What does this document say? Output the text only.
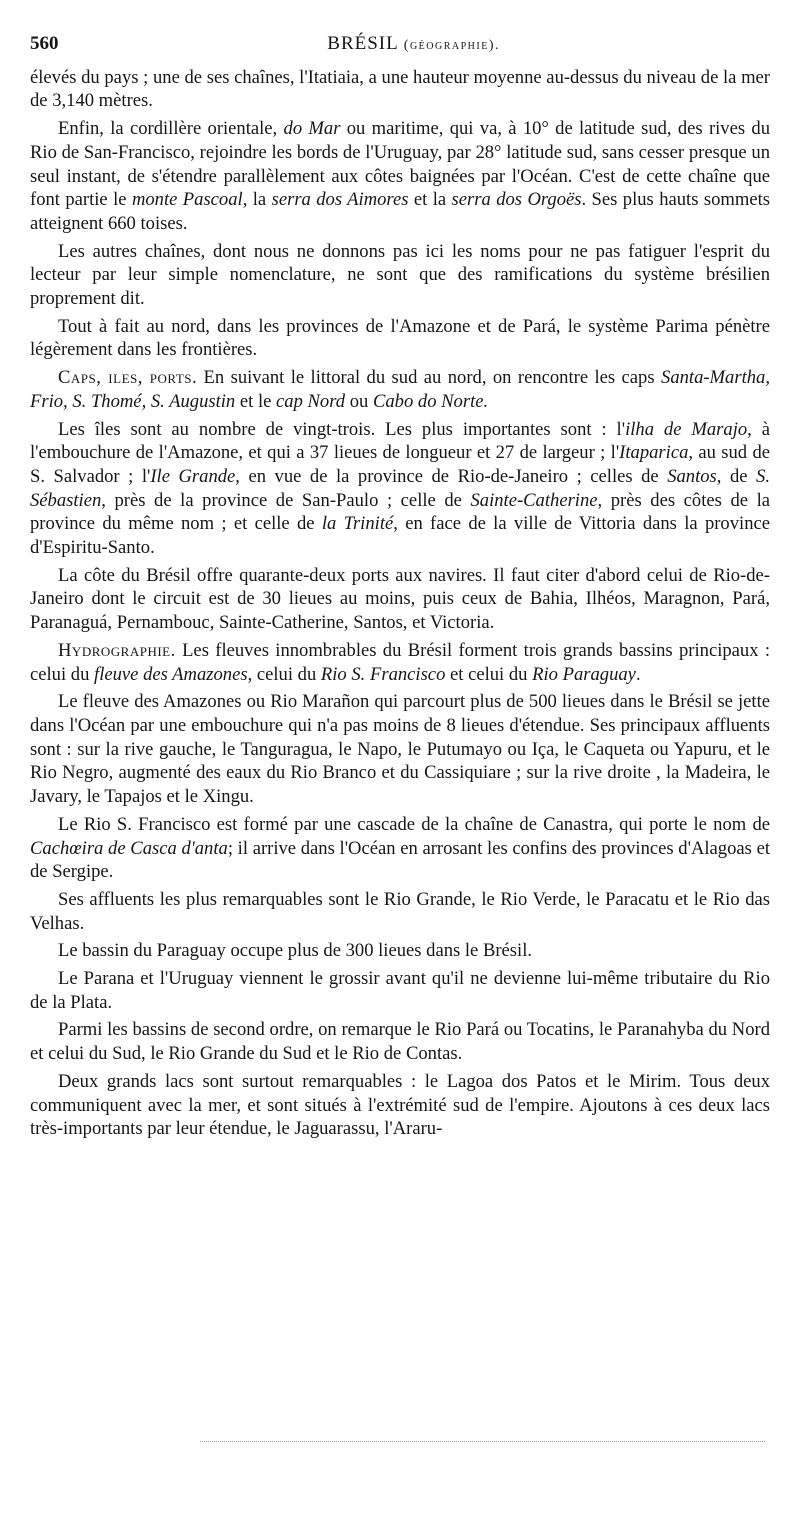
560	BRÉSIL (géographie).

élevés du pays ; une de ses chaînes, l'Itatiaia, a une hauteur moyenne au-dessus du niveau de la mer de 3,140 mètres.

Enfin, la cordillère orientale, do Mar ou maritime, qui va, à 10° de latitude sud, des rives du Rio de San-Francisco, rejoindre les bords de l'Uruguay, par 28° latitude sud, sans cesser presque un seul instant, de s'étendre parallèlement aux côtes baignées par l'Océan. C'est de cette chaîne que font partie le monte Pascoal, la serra dos Aimores et la serra dos Orgoës. Ses plus hauts sommets atteignent 660 toises.

Les autres chaînes, dont nous ne donnons pas ici les noms pour ne pas fatiguer l'esprit du lecteur par leur simple nomenclature, ne sont que des ramifications du système brésilien proprement dit.

Tout à fait au nord, dans les provinces de l'Amazone et de Pará, le système Parima pénètre légèrement dans les frontières.

Caps, iles, ports. En suivant le littoral du sud au nord, on rencontre les caps Santa-Martha, Frio, S. Thomé, S. Augustin et le cap Nord ou Cabo do Norte.

Les îles sont au nombre de vingt-trois. Les plus importantes sont : l'ilha de Marajo, à l'embouchure de l'Amazone, et qui a 37 lieues de longueur et 27 de largeur ; l'Itaparica, au sud de S. Salvador ; l'Ile Grande, en vue de la province de Rio-de-Janeiro ; celles de Santos, de S. Sébastien, près de la province de San-Paulo ; celle de Sainte-Catherine, près des côtes de la province du même nom ; et celle de la Trinité, en face de la ville de Vittoria dans la province d'Espiritu-Santo.

La côte du Brésil offre quarante-deux ports aux navires. Il faut citer d'abord celui de Rio-de-Janeiro dont le circuit est de 30 lieues au moins, puis ceux de Bahia, Ilhéos, Maragnon, Pará, Paranaguá, Pernambouc, Sainte-Catherine, Santos, et Victoria.

Hydrographie. Les fleuves innombrables du Brésil forment trois grands bassins principaux : celui du fleuve des Amazones, celui du Rio S. Francisco et celui du Rio Paraguay.

Le fleuve des Amazones ou Rio Marañon qui parcourt plus de 500 lieues dans le Brésil se jette dans l'Océan par une embouchure qui n'a pas moins de 8 lieues d'étendue. Ses principaux affluents sont : sur la rive gauche, le Tanguragua, le Napo, le Putumayo ou Iça, le Caqueta ou Yapuru, et le Rio Negro, augmenté des eaux du Rio Branco et du Cassiquiare ; sur la rive droite , la Madeira, le Javary, le Tapajos et le Xingu.

Le Rio S. Francisco est formé par une cascade de la chaîne de Canastra, qui porte le nom de Cachœira de Casca d'anta; il arrive dans l'Océan en arrosant les confins des provinces d'Alagoas et de Sergipe.

Ses affluents les plus remarquables sont le Rio Grande, le Rio Verde, le Paracatu et le Rio das Velhas.

Le bassin du Paraguay occupe plus de 300 lieues dans le Brésil.

Le Parana et l'Uruguay viennent le grossir avant qu'il ne devienne lui-même tributaire du Rio de la Plata.

Parmi les bassins de second ordre, on remarque le Rio Pará ou Tocatins, le Paranahyba du Nord et celui du Sud, le Rio Grande du Sud et le Rio de Contas.

Deux grands lacs sont surtout remarquables : le Lagoa dos Patos et le Mirim. Tous deux communiquent avec la mer, et sont situés à l'extrémité sud de l'empire. Ajoutons à ces deux lacs très-importants par leur étendue, le Jaguarassu, l'Araru-
